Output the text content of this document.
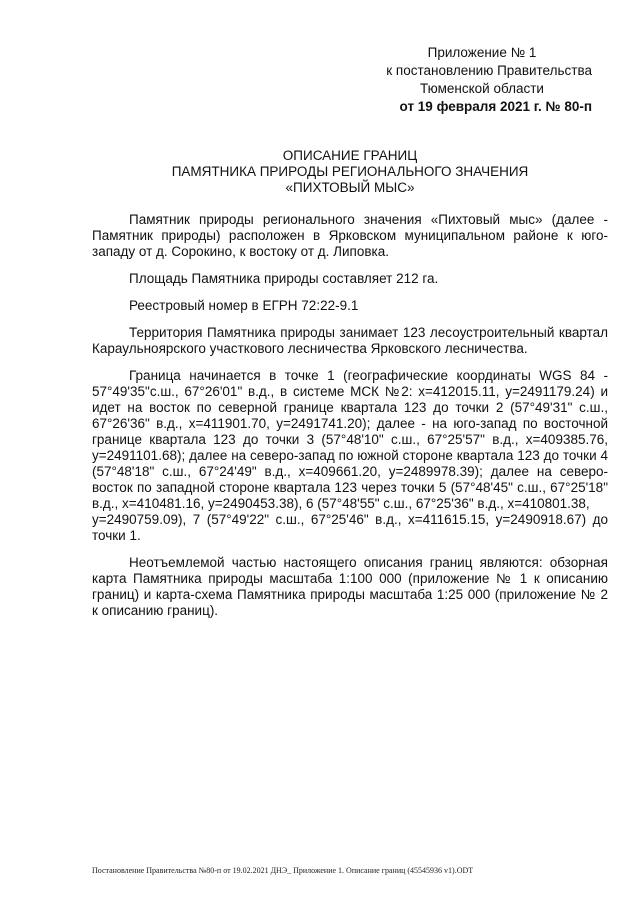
Приложение № 1
к постановлению Правительства
Тюменской области
от 19 февраля 2021 г. № 80-п
ОПИСАНИЕ ГРАНИЦ
ПАМЯТНИКА ПРИРОДЫ РЕГИОНАЛЬНОГО ЗНАЧЕНИЯ
«ПИХТОВЫЙ МЫС»

Памятник природы регионального значения «Пихтовый мыс» (далее - Памятник природы) расположен в Ярковском муниципальном районе к юго-западу от д. Сорокино, к востоку от д. Липовка.

Площадь Памятника природы составляет 212 га.

Реестровый номер в ЕГРН 72:22-9.1

Территория Памятника природы занимает 123 лесоустроительный квартал Караульноярского участкового лесничества Ярковского лесничества.

Граница начинается в точке 1 (географические координаты WGS 84 - 57°49'35"с.ш., 67°26'01" в.д., в системе МСК №2: x=412015.11, y=2491179.24) и идет на восток по северной границе квартала 123 до точки 2 (57°49'31" с.ш., 67°26'36" в.д., x=411901.70, y=2491741.20); далее - на юго-запад по восточной границе квартала 123 до точки 3 (57°48'10" с.ш., 67°25'57" в.д., x=409385.76, y=2491101.68); далее на северо-запад по южной стороне квартала 123 до точки 4 (57°48'18" с.ш., 67°24'49" в.д., x=409661.20, y=2489978.39); далее на северо-восток по западной стороне квартала 123 через точки 5 (57°48'45" с.ш., 67°25'18" в.д., x=410481.16, y=2490453.38), 6 (57°48'55" с.ш., 67°25'36" в.д., x=410801.38,
y=2490759.09), 7 (57°49'22" с.ш., 67°25'46" в.д., x=411615.15, y=2490918.67) до точки 1.

Неотъемлемой частью настоящего описания границ являются: обзорная карта Памятника природы масштаба 1:100 000 (приложение № 1 к описанию границ) и карта-схема Памятника природы масштаба 1:25 000 (приложение № 2 к описанию границ).

Постановление Правительства №80-п от 19.02.2021 ДНЭ_ Приложение 1. Описание границ (45545936 v1).ODT
